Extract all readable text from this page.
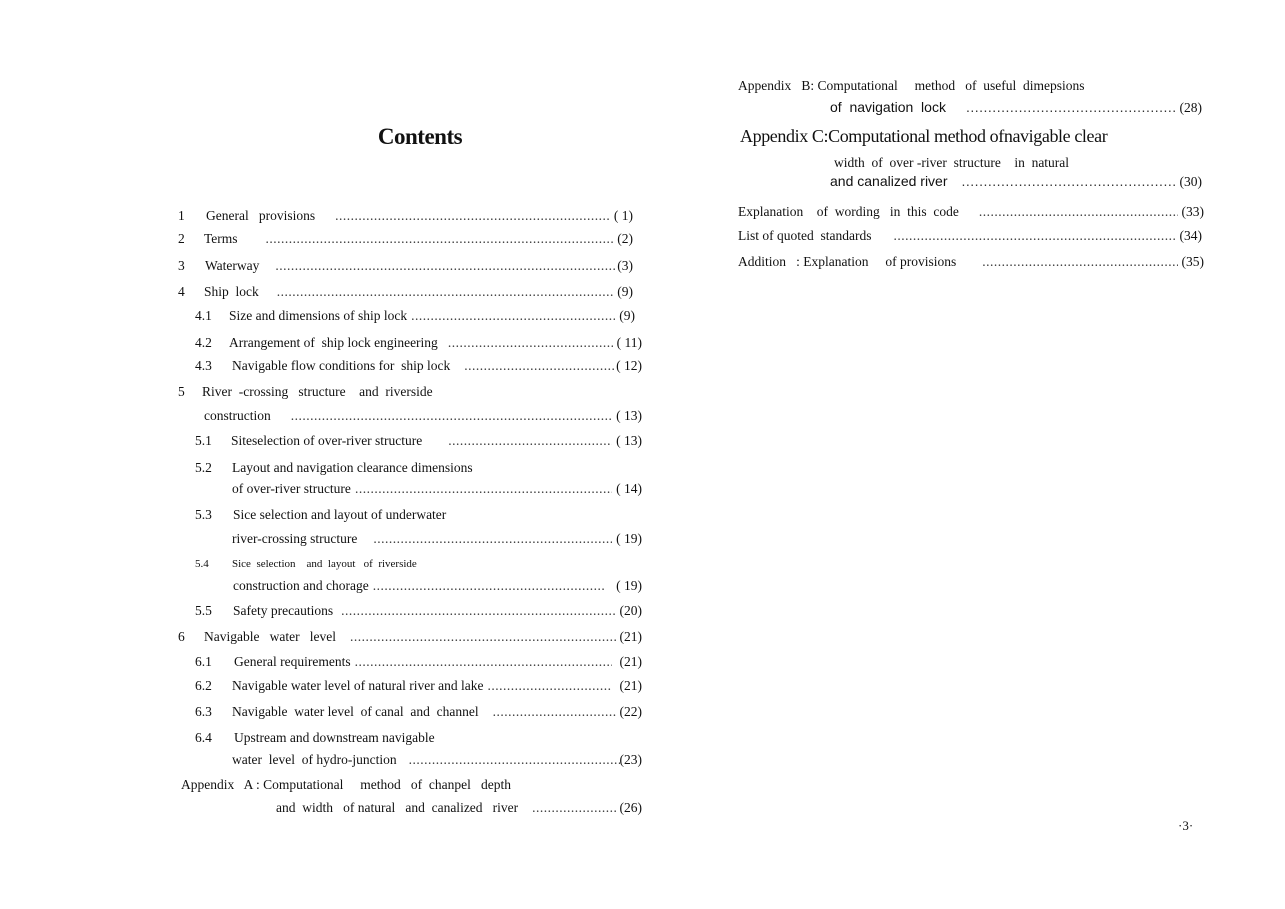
Contents
1	General   provisions .....	( 1)
2	Terms .....	(2)
3	Waterway .....	(3)
4	Ship  lock .....	(9)
4.1	Size and dimensions of ship lock .....	(9)
4.2	Arrangement of  ship lock engineering .....	( 11)
4.3	Navigable flow conditions for  ship lock .....	( 12)
5	River  -crossing   structure    and  riverside
construction .....	( 13)
5.1	Siteselection of over-river structure .....	( 13)
5.2	Layout and navigation clearance dimensions
of over-river structure .....	( 14)
5.3	Sice selection and layout of underwater
river-crossing structure .....	( 19)
5.4	Sice  selection    and  layout   of  riverside
construction and chorage .....	( 19)
5.5	Safety precautions .....	(20)
6	Navigable   water   level .....	(21)
6.1	General requirements .....	(21)
6.2	Navigable water level of natural river and lake .....	(21)
6.3	Navigable  water level  of canal  and  channel .....	(22)
6.4	Upstream and downstream navigable
water  level  of hydro-junction .....	(23)
Appendix   A : Computational     method   of  chanpel   depth
and  width   of natural   and  canalized   river .....	(26)
Appendix   B: Computational     method   of  useful  dimepsions
of  navigation  lock .....	(28)
Appendix C:Computational method ofnavigable clear
width  of  over -river  structure    in  natural
and canalized river .....	(30)
Explanation    of  wording   in  this  code .....	(33)
List of quoted  standards .....	(34)
Addition   : Explanation     of provisions .....	(35)
·3·
